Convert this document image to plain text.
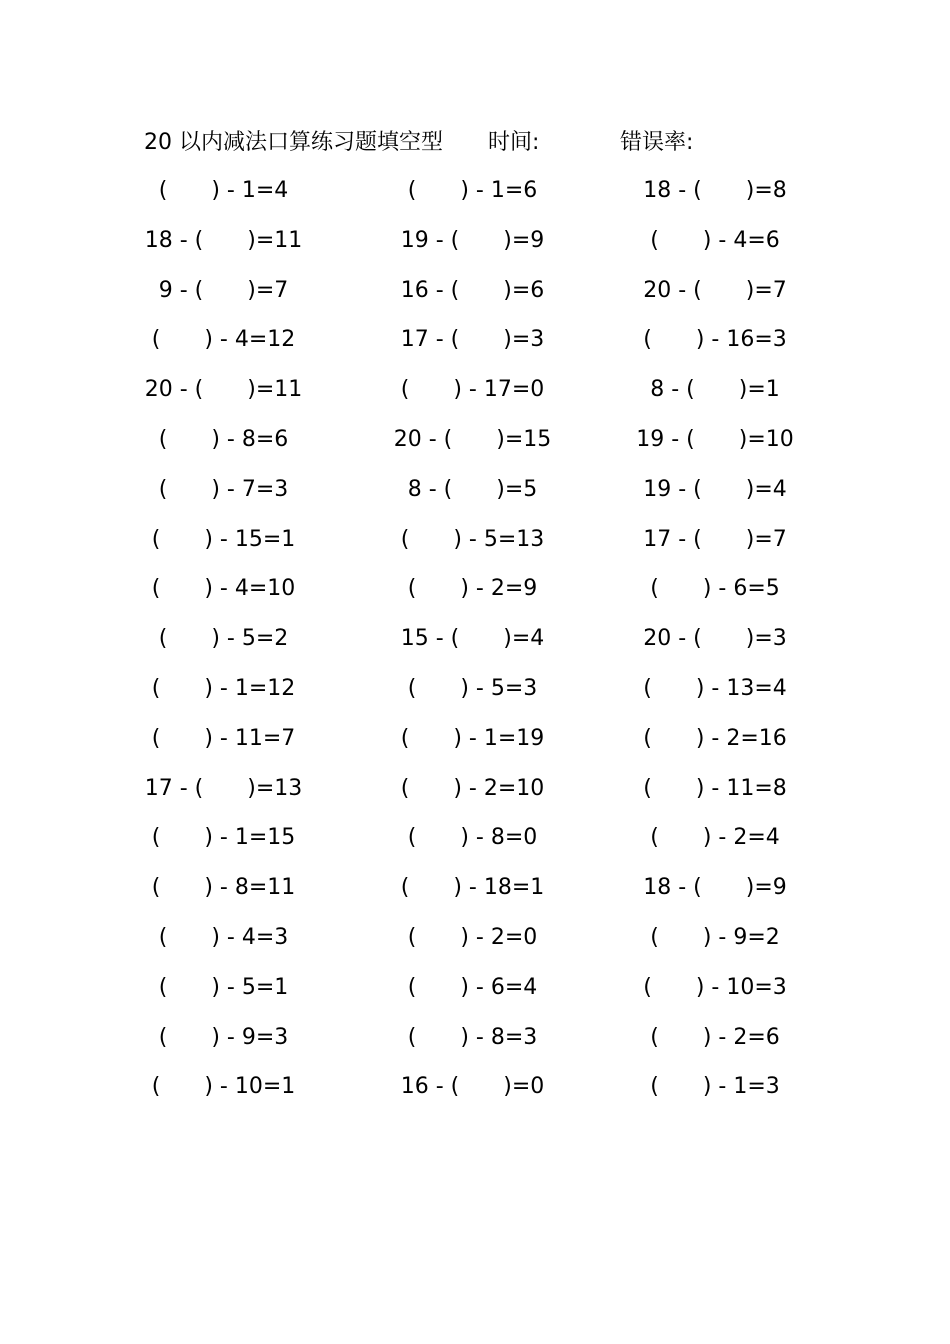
20 以内减法口算练习题填空型 时间:	错误率:
(　　) - 1=4	(　　) - 1=6	18 - (　　)=8
18 - (　　)=11	19 - (　　)=9	(　　) - 4=6
9 - (　　)=7	16 - (　　)=6	20 - (　　)=7
(　　) - 4=12	17 - (　　)=3	(　　) - 16=3
20 - (　　)=11	(　　) - 17=0	8 - (　　)=1
(　　) - 8=6	20 - (　　)=15	19 - (　　)=10
(　　) - 7=3	8 - (　　)=5	19 - (　　)=4
(　　) - 15=1	(　　) - 5=13	17 - (　　)=7
(　　) - 4=10	(　　) - 2=9	(　　) - 6=5
(　　) - 5=2	15 - (　　)=4	20 - (　　)=3
(　　) - 1=12	(　　) - 5=3	(　　) - 13=4
(　　) - 11=7	(　　) - 1=19	(　　) - 2=16
17 - (　　)=13	(　　) - 2=10	(　　) - 11=8
(　　) - 1=15	(　　) - 8=0	(　　) - 2=4
(　　) - 8=11	(　　) - 18=1	18 - (　　)=9
(　　) - 4=3	(　　) - 2=0	(　　) - 9=2
(　　) - 5=1	(　　) - 6=4	(　　) - 10=3
(　　) - 9=3	(　　) - 8=3	(　　) - 2=6
(　　) - 10=1	16 - (　　)=0	(　　) - 1=3
